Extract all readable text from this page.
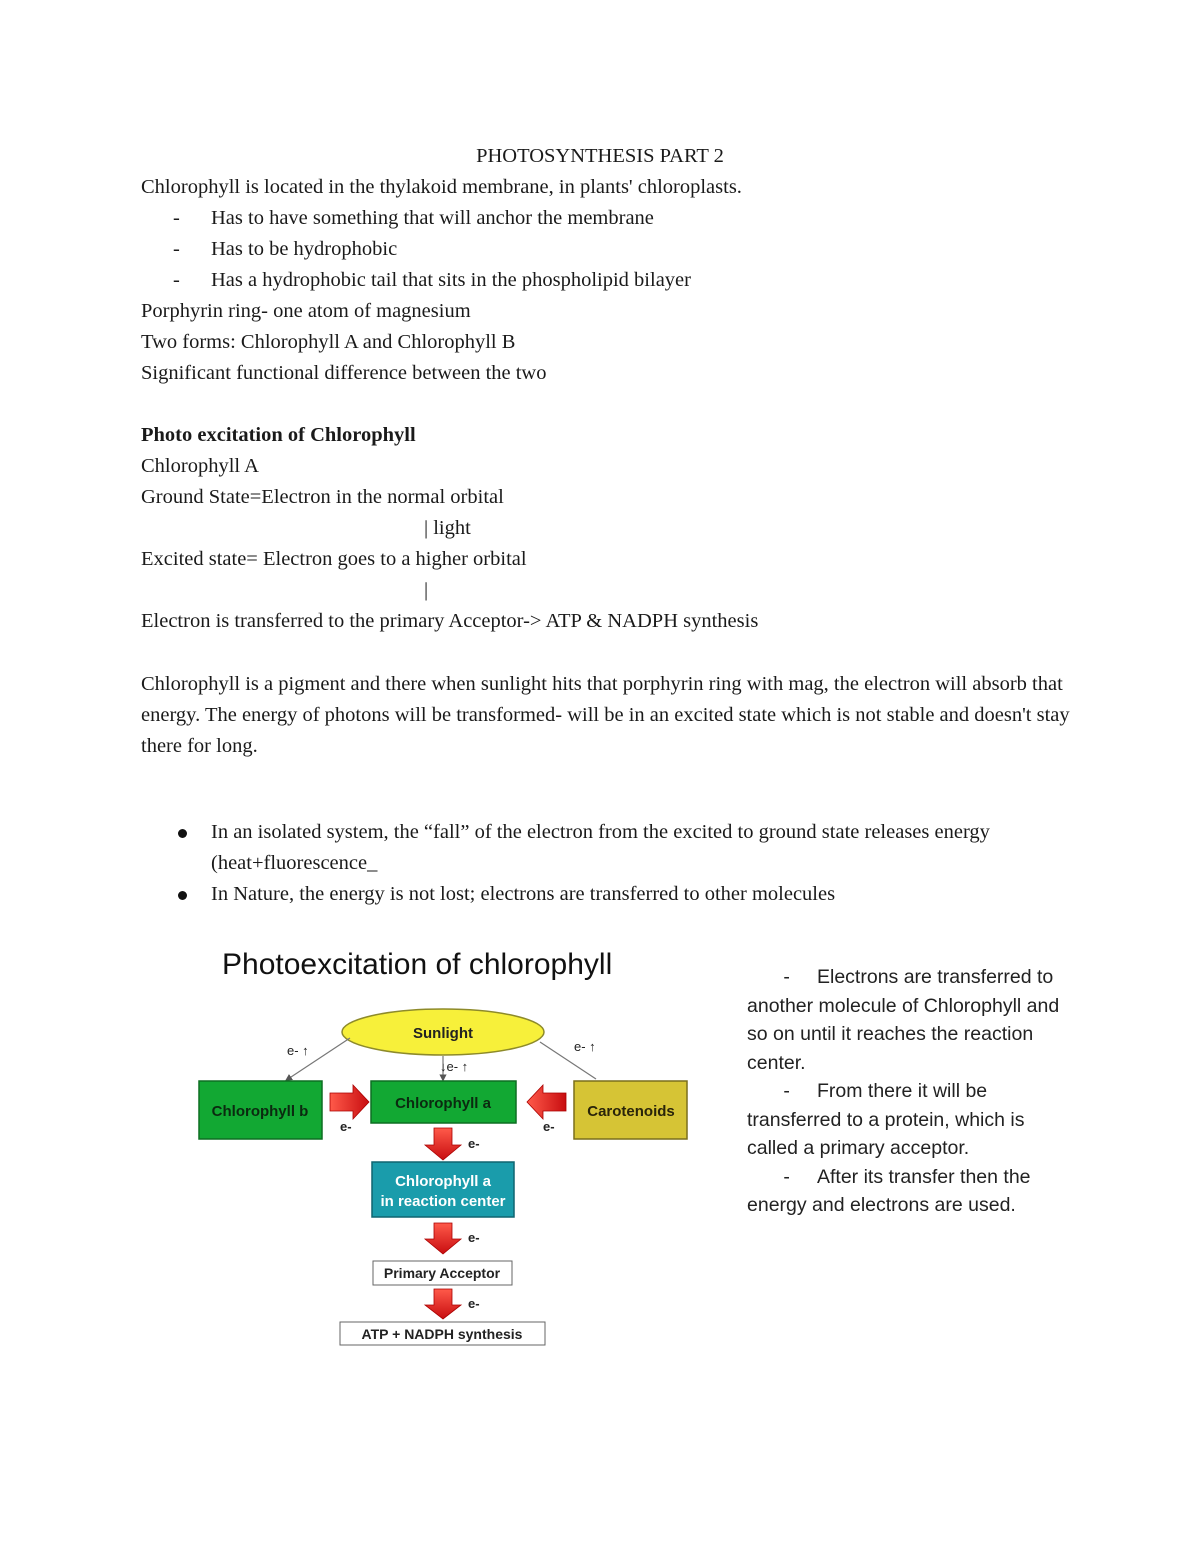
PHOTOSYNTHESIS PART 2
Chlorophyll is located in the thylakoid membrane, in plants' chloroplasts.
- Has to have something that will anchor the membrane
- Has to be hydrophobic
- Has a hydrophobic tail that sits in the phospholipid bilayer
Porphyrin ring- one atom of magnesium
Two forms: Chlorophyll A and Chlorophyll B
Significant functional difference between the two
Photo excitation of Chlorophyll
Chlorophyll A
Ground State=Electron in the normal orbital
| light
Excited state= Electron goes to a higher orbital
|
Electron is transferred to the primary Acceptor-> ATP & NADPH synthesis
Chlorophyll is a pigment and there when sunlight hits that porphyrin ring with mag, the electron will absorb that energy. The energy of photons will be transformed- will be in an excited state which is not stable and doesn't stay there for long.
In an isolated system, the “fall” of the electron from the excited to ground state releases energy (heat+fluorescence_
In Nature, the energy is not lost; electrons are transferred to other molecules
Photoexcitation of chlorophyll
Sunlight
e- ↑	e- ↑
↓e- ↑
Chlorophyll b	Chlorophyll a	Carotenoids
e-	e-
e-
Chlorophyll a
in reaction center
e-
Primary Acceptor
e-
ATP + NADPH synthesis

- Electrons are transferred to another molecule of Chlorophyll and so on until it reaches the reaction center.

- From there it will be transferred to a protein, which is called a primary acceptor.

- After its transfer then the energy and electrons are used.
